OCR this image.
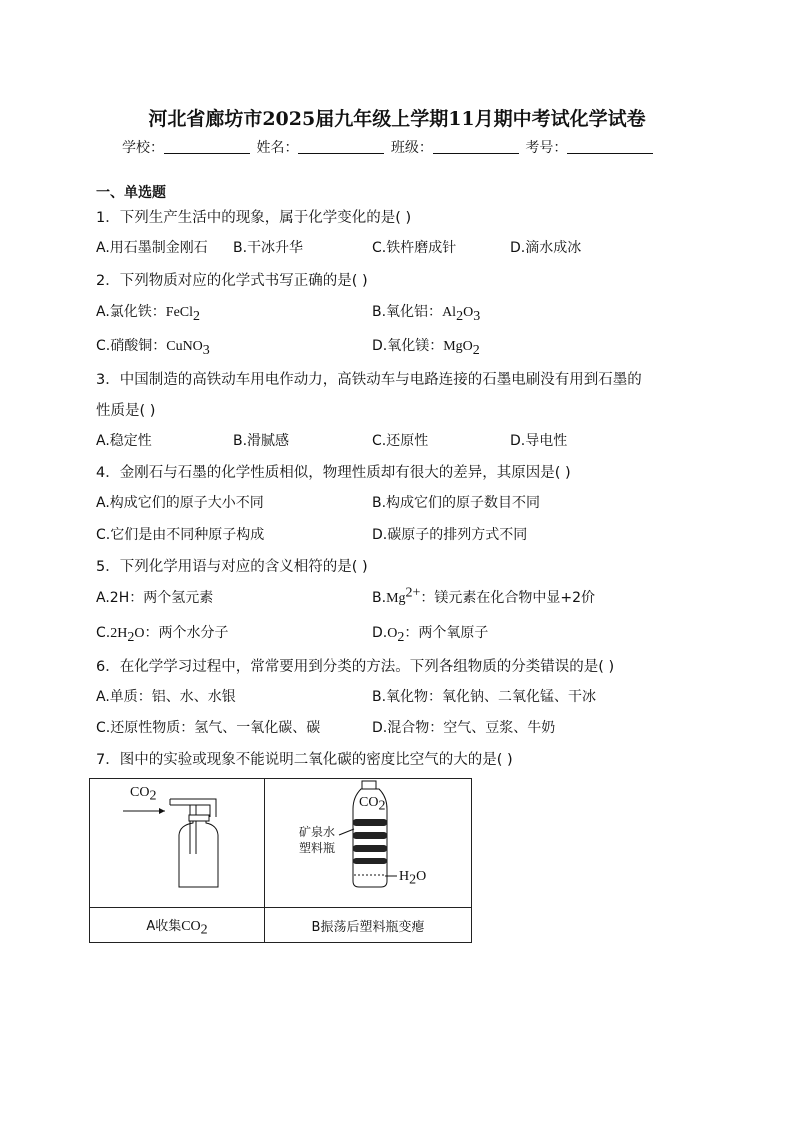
河北省廊坊市2025届九年级上学期11月期中考试化学试卷
学校：	姓名：	班级：	考号：
一、单选题
1．下列生产生活中的现象，属于化学变化的是( )
A.用石墨制金刚石 B.干冰升华	C.铁杵磨成针	D.滴水成冰
2．下列物质对应的化学式书写正确的是( )
A.氯化铁：FeCl$_2$	B.氧化铝：$Al_2O_3$
C.硝酸铜：CuNO$_3$	D.氧化镁：MgO$_2$
3．中国制造的高铁动车用电作动力，高铁动车与电路连接的石墨电刷没有用到石墨的
性质是( )
A.稳定性	B.滑腻感	C.还原性	D.导电性
4．金刚石与石墨的化学性质相似，物理性质却有很大的差异，其原因是( )
A.构成它们的原子大小不同	B.构成它们的原子数目不同
C.它们是由不同种原子构成	D.碳原子的排列方式不同
5．下列化学用语与对应的含义相符的是( )
A.2H：两个氢元素	$B.Mg^{2+}$：镁元素在化合物中显+2价
$C.2H_2O$：两个水分子	$D.O_2$：两个氧原子
6．在化学学习过程中，常常要用到分类的方法。下列各组物质的分类错误的是( )
A.单质：铝、水、水银	B.氧化物：氧化钠、二氧化锰、干冰
C.还原性物质：氢气、一氧化碳、碳	D.混合物：空气、豆浆、牛奶
7．图中的实验或现象不能说明二氧化碳的密度比空气的大的是( )
$CO_2$	$CO_2$
矿泉水
塑料瓶
$H_2O$

A收集$CO_2$	B振荡后塑料瓶变瘪
